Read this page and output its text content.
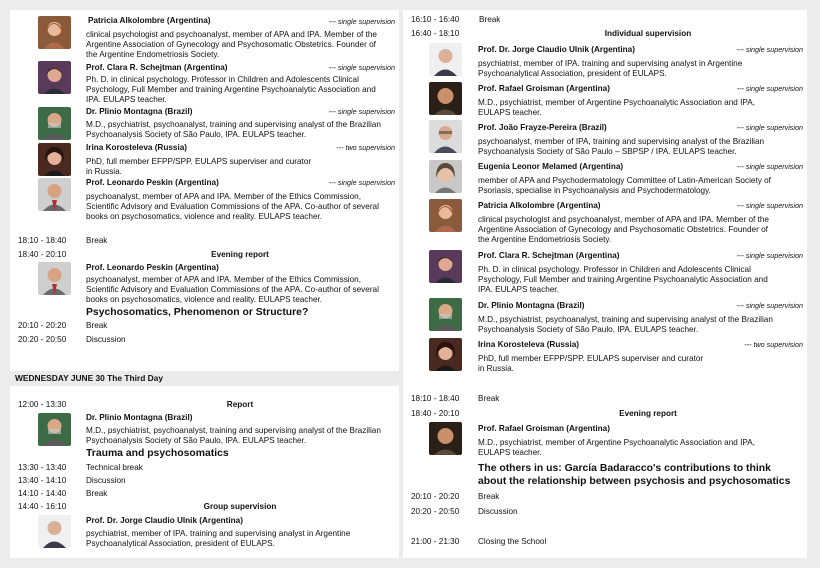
Patricia Alkolombre (Argentina)	--- single supervision
clinical psychologist and psychoanalyst, member of APA and IPA. Member of the
Argentine Association of Gynecology and Psychosomatic Obstetrics. Founder of
the Argentine Endometriosis Society.
Prof. Clara R. Schejtman (Argentina)	--- single supervision
Ph. D. in clinical psychology. Professor in Children and Adolescents Clinical
Psychology, Full Member and training Argentine Psychoanalytic Association and
IPA. EULAPS teacher.
Dr. Plinio Montagna (Brazil)	--- single supervision
M.D., psychiatrist, psychoanalyst, training and supervising analyst of the Brazilian
Psychoanalysis Society of São Paulo, IPA. EULAPS teacher.
Irina Korosteleva (Russia)	--- two supervision
PhD, full member EFPP/SPP. EULAPS superviser and curator
in Russia.
Prof. Leonardo Peskin (Argentina)	--- single supervision
psychoanalyst, member of APA and IPA. Member of the Ethics Commission,
Scientific Advisory and Evaluation Commissions of the APA. Co-author of several
books on psychosomatics, violence and reality. EULAPS teacher.
18:10 - 18:40 Break
18:40 - 20:10	Evening report
Prof. Leonardo Peskin (Argentina)
psychoanalyst, member of APA and IPA. Member of the Ethics Commission,
Scientific Advisory and Evaluation Commissions of the APA. Co-author of several
books on psychosomatics, violence and reality. EULAPS teacher.
Psychosomatics, Phenomenon or Structure?
20:10 - 20:20 Break
20:20 - 20:50 Discussion
WEDNESDAY JUNE 30 The Third Day
12:00 - 13:30	Report
Dr. Plinio Montagna (Brazil)
M.D., psychiatrist, psychoanalyst, training and supervising analyst of the Brazilian
Psychoanalysis Society of São Paulo, IPA. EULAPS teacher.
Trauma and psychosomatics
13:30 - 13:40 Technical break
13:40 - 14:10 Discussion
14:10 - 14:40 Break
14:40 - 16:10	Group supervision
Prof. Dr. Jorge Claudio Ulnik (Argentina)
psychiatrist, member of IPA. training and supervising analyst in Argentine
Psychoanalytical Association, president of EULAPS.
16:10 - 16:40 Break
16:40 - 18:10	Individual supervision
Prof. Dr. Jorge Claudio Ulnik (Argentina)	--- single supervision
psychiatrist, member of IPA. training and supervising analyst in Argentine
Psychoanalytical Association, president of EULAPS.
Prof. Rafael Groisman (Argentina)	--- single supervision
M.D., psychiatrist, member of Argentine Psychoanalytic Association and IPA,
EULAPS teacher.
Prof. João Frayze-Pereira (Brazil)	--- single supervision
psychoanalyst, member of IPA, training and supervising analyst of the Brazilian
Psychoanalysis Society of São Paulo – SBPSP / IPA. EULAPS teacher.
Eugenia Leonor Melamed (Argentina)	--- single supervision
member of APA and Psychodermatology Committee of Latin-American Society of
Psoriasis, specialise in Psychoanalysis and Psychodermatology.
Patricia Alkolombre (Argentina)	--- single supervision
clinical psychologist and psychoanalyst, member of APA and IPA. Member of the
Argentine Association of Gynecology and Psychosomatic Obstetrics. Founder of
the Argentine Endometriosis Society.
Prof. Clara R. Schejtman (Argentina)	--- single supervision
Ph. D. in clinical psychology. Professor in Children and Adolescents Clinical
Psychology, Full Member and training Argentine Psychoanalytic Association and
IPA. EULAPS teacher.
Dr. Plinio Montagna (Brazil)	--- single supervision
M.D., psychiatrist, psychoanalyst, training and supervising analyst of the Brazilian
Psychoanalysis Society of São Paulo, IPA. EULAPS teacher.
Irina Korosteleva (Russia)	--- two supervision
PhD, full member EFPP/SPP. EULAPS superviser and curator
in Russia.
18:10 - 18:40 Break
18:40 - 20:10	Evening report
Prof. Rafael Groisman (Argentina)
M.D., psychiatrist, member of Argentine Psychoanalytic Association and IPA,
EULAPS teacher.
The others in us: García Badaracco's contributions to think
about the relationship between psychosis and psychosomatics
20:10 - 20:20 Break
20:20 - 20:50 Discussion
21:00 - 21:30 Closing the School
